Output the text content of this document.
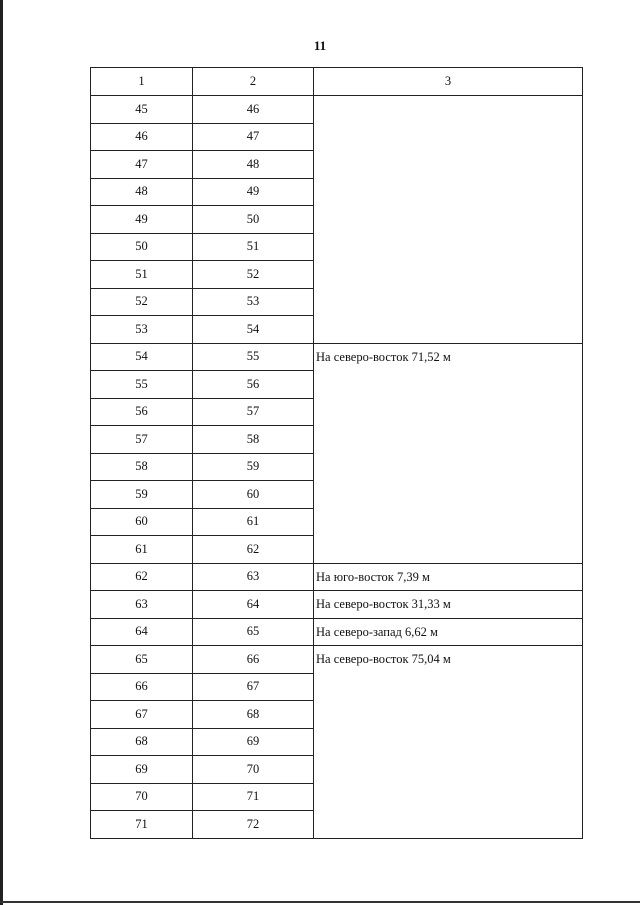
11
1	2	3
45	46	

46	47	
47	48	
48	49	
49	50	
50	51	
51	52	
52	53	
53	54	
54	55	На северо-восток 71,52 м

55	56	
56	57	
57	58	
58	59	
59	60	
60	61	
61	62	
62	63	На юго-восток 7,39 м

63	64	На северо-восток 31,33 м

64	65	На северо-запад 6,62 м

65	66	На северо-восток 75,04 м

66	67	
67	68	
68	69	
69	70	
70	71	
71	72	
